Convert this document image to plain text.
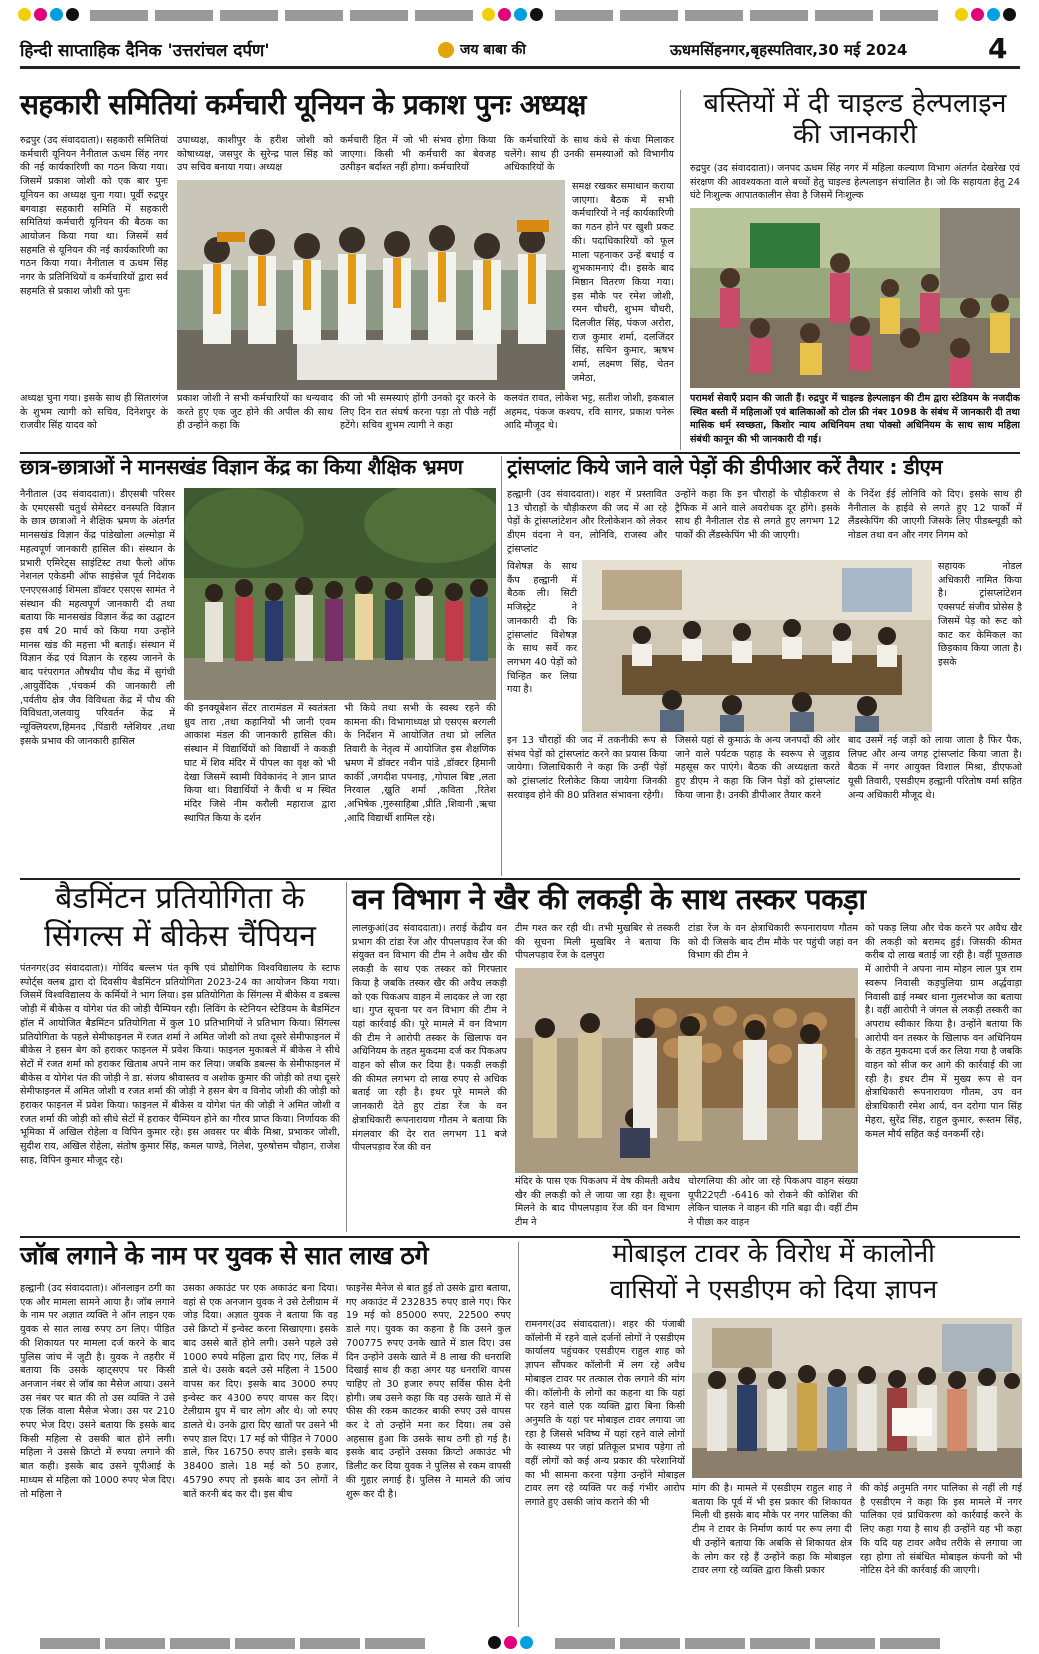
हिन्दी साप्ताहिक दैनिक 'उत्तरांचल दर्पण'	जय बाबा की	ऊधमसिंहनगर,बृहस्पतिवार,30 मई 2024	4
सहकारी समितियां कर्मचारी यूनियन के प्रकाश पुनः अध्यक्ष
रुद्रपुर (उद संवाददाता)। सहकारी समितियां कर्मचारी यूनियन नैनीताल ऊधम सिंह नगर की नई कार्यकारिणी का गठन किया गया। जिसमें प्रकाश जोशी को एक बार पुनः यूनियन का अध्यक्ष चुना गया। पूर्वी रुद्रपुर बगवाड़ा सहकारी समिति में सहकारी समितियां कर्मचारी यूनियन की बैठक का आयोजन किया गया था। जिसमें सर्व सहमति से यूनियन की नई कार्यकारिणी का गठन किया गया। नैनीताल व ऊधम सिंह नगर के प्रतिनिधियों व कर्मचारियों द्वारा सर्व सहमति से प्रकाश जोशी को पुनः
अध्यक्ष चुना गया। इसके साथ ही सितारगंज के शुभम त्यागी को सचिव, दिनेशपुर के राजवीर सिंह यादव को
उपाध्यक्ष, काशीपुर के हरीश जोशी को कोषाध्यक्ष, जसपुर के सुरेन्द्र पाल सिंह को उप सचिव बनाया गया। अध्यक्ष
कर्मचारी हित में जो भी संभव होगा किया जाएगा। किसी भी कर्मचारी का बेवजह उत्पीड़न बर्दाश्त नहीं होगा। कर्मचारियों
कि कर्मचारियों के साथ कंधे से कंधा मिलाकर चलेंगे। साथ ही उनकी समस्याओं को विभागीय अधिकारियों के
समक्ष रखकर समाधान कराया जाएगा। बैठक में सभी कर्मचारियों ने नई कार्यकारिणी का गठन होने पर खुशी प्रकट की। पदाधिकारियों को फूल माला पहनाकर उन्हें बधाई व शुभकामनाएं दी। इसके बाद मिष्ठान वितरण किया गया। इस मौके पर रमेश जोशी, रमन चौधरी, शुभम चौधरी, दिलजीत सिंह, पंकज अरोरा, राज कुमार शर्मा, दलजिंदर सिंह, सचिन कुमार, ऋषभ शर्मा, लक्ष्मण सिंह, चेतन जमेठा,
प्रकाश जोशी ने सभी कर्मचारियों का धन्यवाद करते हुए एक जुट होने की अपील की साथ ही उन्होंने कहा कि
की जो भी समस्याएं होंगी उनको दूर करने के लिए दिन रात संघर्ष करना पड़ा तो पीछे नहीं हटेंगे। सचिव शुभम त्यागी ने कहा
कलवंत रावत, लोकेश भट्ट, सतीश जोशी, इकबाल अहमद, पंकज कश्यप, रवि सागर, प्रकाश पनेरू आदि मौजूद थे।
बस्तियों में दी चाइल्ड हेल्पलाइन की जानकारी
रुद्रपुर (उद संवाददाता)। जनपद ऊधम सिंह नगर में महिला कल्याण विभाग अंतर्गत देखरेख एवं संरक्षण की आवश्यकता वाले बच्चों हेतु चाइल्ड हेल्पलाइन संचालित है। जो कि सहायता हेतु 24 घंटे निःशुल्क आपातकालीन सेवा है जिसमें निःशुल्क
परामर्श सेवाएँ प्रदान की जाती हैं। रुद्रपुर में चाइल्ड हेल्पलाइन की टीम द्वारा स्टेडियम के नजदीक स्थित बस्ती में महिलाओं एवं बालिकाओं को टोल फ्री नंबर 1098 के संबंध में जानकारी दी तथा मासिक धर्म स्वच्छता, किशोर न्याय अधिनियम तथा पोक्सो अधिनियम के साथ साथ महिला संबंधी कानून की भी जानकारी दी गई।
छात्र-छात्राओं ने मानसखंड विज्ञान केंद्र का किया शैक्षिक भ्रमण
नैनीताल (उद संवाददाता)। डीएसबी परिसर के एमएससी चतुर्थ सेमेस्टर वनस्पति विज्ञान के छात्र छात्राओं ने शैक्षिक भ्रमण के अंतर्गत मानसखंड विज्ञान केंद्र पांडेखोला अल्मोड़ा में महत्वपूर्ण जानकारी हासिल की। संस्थान के प्रभारी एमिरेट्स साइंटिस्ट तथा फैलो ऑफ नेशनल एकेडमी ऑफ साइंसेज पूर्व निदेशक एनएएसआई शिमला डॉक्टर एसएस सामंत ने संस्थान की महत्वपूर्ण जानकारी दी तथा बताया कि मानसखंड विज्ञान केंद्र का उद्घाटन इस वर्ष 20 मार्च को किया गया उन्होंने मानस खंड की महत्ता भी बताई। संस्थान में विज्ञान केंद्र एवं विज्ञान के रहस्य जानने के बाद परंपरागत औषधीय पौध केंद्र में सुगंधी ,आयुर्वेदिक ,पंचकर्म की जानकारी ली ,पर्वतीय क्षेत्र जैव विविधता केंद्र में पौध की विविधता,जलवायु परिवर्तन केंद्र में न्यूक्लियरण,हिमनद ,पिंडारी ग्लेशियर ,तथा इसके प्रभाव की जानकारी हासिल
की इनक्यूबेशन सेंटर तारामंडल में स्वतंत्रता ध्रुव तारा ,तथा कहानियों भी जानी एवम आकाश मंडल की जानकारी हासिल की। संस्थान में विद्यार्थियों को विद्यार्थी ने ककड़ी घाट में शिव मंदिर में पीपल का वृक्ष को भी देखा जिसमें स्वामी विवेकानंद ने ज्ञान प्राप्त किया था। विद्यार्थियों ने कैंची ध म स्थित मंदिर जिसे नीम करौली महाराज द्वारा स्थापित किया के दर्शन
भी किये तथा सभी के स्वस्थ रहने की कामना की। विभागाध्यक्ष प्रो एसएस बरगली के निर्देशन में आयोजित तथा प्रो ललित तिवारी के नेतृत्व में आयोजित इस शैक्षणिक भ्रमण में डॉक्टर नवीन पांडे ,डॉक्टर हिमानी कार्की ,जगदीश पपनाइ, ,गोपाल बिष्ट ,लता निरवाल ,ख्रुति शर्मा ,कविता ,रितेश ,अभिषेक ,गुरुसाहिबा ,प्रीति ,शिवानी ,ऋचा ,आदि विद्यार्थी शामिल रहे।
ट्रांसप्लांट किये जाने वाले पेड़ों की डीपीआर करें तैयार : डीएम
हल्द्वानी (उद संवाददाता)। शहर में प्रस्तावित 13 चौराहों के चौड़ीकरण की जद में आ रहे पेड़ों के ट्रांसप्लांटेशन और रिलोकेशन को लेकर डीएम वंदना ने वन, लोनिवि, राजस्व और ट्रांसप्लांट
उन्होंने कहा कि इन चौराहों के चौड़ीकरण से ट्रैफिक में आने वाले अवरोधक दूर होंगे। इसके साथ ही नैनीताल रोड से लगते हुए लगभग 12 पार्कों की लैंडस्केपिंग भी की जाएगी।
के निर्देश ईई लोनिवि को दिए। इसके साथ ही नैनीताल के हाईवे से लगते हुए 12 पार्कों में लैंडस्केपिंग की जाएगी जिसके लिए पीडब्ल्यूडी को नोडल तथा वन और नगर निगम को
विशेषज्ञ के साथ कैंप हल्द्वानी में बैठक ली। सिटी मजिस्ट्रेट ने जानकारी दी कि ट्रांसप्लांट विशेषज्ञ के साथ सर्वे कर लगभग 40 पेड़ों को चिन्हित कर लिया गया है।
सहायक नोडल अधिकारी नामित किया है। ट्रांसप्लांटेशन एक्सपर्ट संजीव प्रोसेस है जिसमें पेड़ को रूट को काट कर केमिकल का छिड़काव किया जाता है। इसके
इन 13 चौराहों की जद में तकनीकी रूप से संभव पेड़ों को ट्रांसप्लांट करने का प्रयास किया जायेगा। जिलाधिकारी ने कहा कि उन्हीं पेड़ों को ट्रांसप्लांट रिलोकेट किया जायेगा जिनकी सरवाइव होने की 80 प्रतिशत संभावना रहेगी।
जिससे यहां से कुमाऊं के अन्य जनपदों की ओर जाने वाले पर्यटक पहाड़ के स्वरूप से जुड़ाव महसूस कर पाएंगे। बैठक की अध्यक्षता करते हुए डीएम ने कहा कि जिन पेड़ों को ट्रांसप्लांट किया जाना है। उनकी डीपीआर तैयार करने
बाद उसमें नई जड़ों को लाया जाता है फिर पैक, लिफ्ट और अन्य जगह ट्रांसप्लांट किया जाता है। बैठक में नगर आयुक्त विशाल मिश्रा, डीएफओ यूसी तिवारी, एसडीएम हल्द्वानी परितोष वर्मा सहित अन्य अधिकारी मौजूद थे।
बैडमिंटन प्रतियोगिता के
सिंगल्स में बीकेस चैंपियन
पंतनगर(उद संवाददाता)। गोविंद बल्लभ पंत कृषि एवं प्रौद्योगिक विश्वविद्यालय के स्टाफ स्पोर्ट्स क्लब द्वारा दो दिवसीय बैडमिंटन प्रतियोगिता 2023-24 का आयोजन किया गया। जिसमें विश्वविद्यालय के कर्मियों ने भाग लिया। इस प्रतियोगिता के सिंगल्स में बीकेस व डबल्स जोड़ी में बीकेस व योगेश पंत की जोड़ी चैम्पियन रही। लिविंग के स्टेनियन स्टेडियम के बैडमिंटन हॉल में आयोजित बैडमिंटन प्रतियोगिता में कुल 10 प्रतिभागियों ने प्रतिभाग किया। सिंगल्स प्रतियोगिता के पहले सेमीफाइनल में रजत शर्मा ने अमित जोशी को तथा दूसरे सेमीफाइनल में बीकेस ने हसन बेग को हराकर फाइनल में प्रवेश किया। फाइनल मुकाबले में बीकेस ने सीधे सेटों में रजत शर्मा को हराकर खिताब अपने नाम कर लिया। जबकि डबल्स के सेमीफाइनल में बीकेस व योगेश पंत की जोड़ी ने डा. संजय श्रीवास्तव व अशोक कुमार की जोड़ी को तथा दूसरे सेमीफाइनल में अमित जोशी व रजत शर्मा की जोड़ी ने हसन बेग व विनोद जोशी की जोड़ी को हराकर फाइनल में प्रवेश किया। फाइनल में बीकेस व योगेश पंत की जोड़ी ने अमित जोशी व रजत शर्मा की जोड़ी को सीधे सेटों में हराकर चैम्पियन होने का गौरव प्राप्त किया। निर्णायक की भूमिका में अखिल रोहेला व विपिन कुमार रहे। इस अवसर पर बीके मिश्रा, प्रभाकर जोशी, सुदीश राय, अखिल रोहेला, संतोष कुमार सिंह, कमल पाण्डे, निलेश, पुरुषोत्तम चौहान, राजेश साह, विपिन कुमार मौजूद रहे।
वन विभाग ने खैर की लकड़ी के साथ तस्कर पकड़ा
लालकुआं(उद संवाददाता)। तराई केंद्रीय वन प्रभाग की टांडा रेंज और पीपलपड़ाव रेंज की संयुक्त वन विभाग की टीम ने अवैध खैर की लकड़ी के साथ एक तस्कर को गिरफ्तार किया है जबकि तस्कर खैर की अवैध लकड़ी को एक पिकअप वाहन में लादकर ले जा रहा था। गुप्त सूचना पर वन विभाग की टीम ने यहां कार्रवाई की। पूरे मामले में वन विभाग की टीम ने आरोपी तस्कर के खिलाफ वन अधिनियम के तहत मुकदमा दर्ज कर पिकअप वाहन को सीज कर दिया है। पकड़ी लकड़ी की कीमत लगभग दो लाख रुपए से अधिक बताई जा रही है। इधर पूरे मामले की जानकारी देते हुए टांडा रेंज के वन क्षेत्राधिकारी रूपनारायण गौतम ने बताया कि मंगलवार की देर रात लगभग 11 बजे पीपलपड़ाव रेंज की वन
टीम गश्त कर रही थी। तभी मुखबिर से तस्करी की सूचना मिली मुखबिर ने बताया कि पीपलपड़ाव रेंज के दलपुरा
टांडा रेंज के वन क्षेत्राधिकारी रूपनारायण गौतम को दी जिसके बाद टीम मौके पर पहुंची जहां वन विभाग की टीम ने
को पकड़ लिया और चेक करने पर अवैध खैर की लकड़ी को बरामद हुई। जिसकी कीमत करीब दो लाख बताई जा रही है। वहीं पूछताछ में आरोपी ने अपना नाम मोहन लाल पुत्र राम स्वरूप निवासी कड़पुलिया ग्राम अर्द्धवाड़ा निवासी ढाई नम्बर थाना गुलरभोज का बताया है। वहीं आरोपी ने जंगल से लकड़ी तस्करी का अपराध स्वीकार किया है। उन्होंने बताया कि आरोपी वन तस्कर के खिलाफ वन अधिनियम के तहत मुकदमा दर्ज कर लिया गया है जबकि वाहन को सीज कर आगे की कार्रवाई की जा रही है। इधर टीम में मुख्य रूप से वन क्षेत्राधिकारी रूपनारायण गौतम, उप वन क्षेत्राधिकारी रमेश आर्य, वन दरोगा पान सिंह मेहरा, सुरेंद्र सिंह, राहुल कुमार, रूस्तम सिंह, कमल मौर्य सहित कई वनकर्मी रहे।
मंदिर के पास एक पिकअप में वेष कीमती अवैध खैर की लकड़ी को ले जाया जा रहा है। सूचना मिलने के बाद पीपलपड़ाव रेंज की वन विभाग टीम ने
चोरगलिया की ओर जा रहे पिकअप वाहन संख्या यूपी22एटी -6416 को रोकने की कोशिश की लेकिन चालक ने वाहन की गति बढ़ा दी। वहीं टीम ने पीछा कर वाहन
जॉब लगाने के नाम पर युवक से सात लाख ठगे
हल्द्वानी (उद संवाददाता)। ऑनलाइन ठगी का एक और मामला सामने आया है। जॉब लगाने के नाम पर अज्ञात व्यक्ति ने ऑन लाइन एक युवक से सात लाख रुपए ठग लिए। पीड़ित की शिकायत पर मामला दर्ज करने के बाद पुलिस जांच में जुटी है। युवक ने तहरीर में बताया कि उसके व्हाट्सएप पर किसी अनजान नंबर से जॉब का मैसेज आया। उसने उस नंबर पर बात की तो उस व्यक्ति ने उसे एक लिंक वाला मैसेज भेजा। उस पर 210 रुपए भेज दिए। उसने बताया कि इसके बाद किसी महिला से उसकी बात होने लगी। महिला ने उससे क्रिप्टो में रुपया लगाने की बात कही। इसके बाद उसने यूपीआई के माध्यम से महिला को 1000 रुपए भेज दिए। तो महिला ने
उसका अकाउंट पर एक अकाउंट बना दिया। वहां से एक अनजान युवक ने उसे टेलीग्राम में जोड़ दिया। अज्ञात युवक ने बताया कि वह उसे क्रिप्टो में इन्वेस्ट करना सिखाएगा। इसके बाद उससे बातें होने लगी। उसने पहले उसे 1000 रुपये महिला द्वारा दिए गए, लिंक में डाले थे। उसके बदले उसे महिला ने 1500 वापस कर दिए। इसके बाद 3000 रुपए इन्वेस्ट कर 4300 रुपए वापस कर दिए। टेलीग्राम ग्रुप में चार लोग और थे। जो रुपए डालते थे। उनके द्वारा दिए खातों पर उसने भी रुपए डाल दिए। 17 मई को पीड़ित ने 7000 डाले, फिर 16750 रुपए डाले। इसके बाद 38400 डाले। 18 मई को 50 हजार, 45790 रुपए तो इसके बाद उन लोगों ने बातें करनी बंद कर दी। इस बीच
फाइनेंस मैनेज से बात हुई तो उसके द्वारा बताया, गए अकाउंट में 232835 रुपए डाले गए। फिर 19 मई को 85000 रुपए, 22500 रुपए डाले गए। युवक का कहना है कि उसने कुल 700775 रुपए उनके खाते में डाल दिए। उस दिन उन्होंने उसके खाते में 8 लाख की धनराशि दिखाई साथ ही कहा अगर यह धनराशि वापस चाहिए तो 30 हजार रुपए सर्विस फीस देनी होगी। जब उसने कहा कि वह उसके खाते में से फीस की रकम काटकर बाकी रुपए उसे वापस कर दे तो उन्होंने मना कर दिया। तब उसे अहसास हुआ कि उसके साथ ठगी हो गई है। इसके बाद उन्होंने उसका क्रिप्टो अकाउंट भी डिलीट कर दिया युवक ने पुलिस से रकम वापसी की गुहार लगाई है। पुलिस ने मामले की जांच शुरू कर दी है।
मोबाइल टावर के विरोध में कालोनी
वासियों ने एसडीएम को दिया ज्ञापन
रामनगर(उद संवाददाता)। शहर की पंजाबी कॉलोनी में रहने वाले दर्जनों लोगों ने एसडीएम कार्यालय पहुंचकर एसडीएम राहुल शाह को ज्ञापन सौंपकर कॉलोनी में लग रहे अवैध मोबाइल टावर पर तत्काल रोक लगाने की मांग की। कॉलोनी के लोगों का कहना था कि यहां पर रहने वाले एक व्यक्ति द्वारा बिना किसी अनुमति के यहां पर मोबाइल टावर लगाया जा रहा है जिससे भविष्य में यहां रहने वाले लोगों के स्वास्थ्य पर जहां प्रतिकूल प्रभाव पड़ेगा तो वहीं लोगों को कई अन्य प्रकार की परेशानियों का भी सामना करना पड़ेगा उन्होंने मोबाइल टावर लग रहे व्यक्ति पर कई गंभीर आरोप लगाते हुए उसकी जांच कराने की भी
मांग की है। मामले में एसडीएम राहुल शाह ने बताया कि पूर्व में भी इस प्रकार की शिकायत मिली थी इसके बाद मौके पर नगर पालिका की टीम ने टावर के निर्माण कार्य पर रूप लगा दी थी उन्होंने बताया कि अबकि से शिकायत क्षेत्र के लोग कर रहे हैं उन्होंने कहा कि मोबाइल टावर लगा रहे व्यक्ति द्वारा किसी प्रकार
की कोई अनुमति नगर पालिका से नहीं ली गई है एसडीएम ने कहा कि इस मामले में नगर पालिका एवं प्राधिकरण को कार्रवाई करने के लिए कहा गया है साथ ही उन्होंने यह भी कहा कि यदि यह टावर अवैध तरीके से लगाया जा रहा होगा तो संबंधित मोबाइल कंपनी को भी नोटिस देने की कार्रवाई की जाएगी।
